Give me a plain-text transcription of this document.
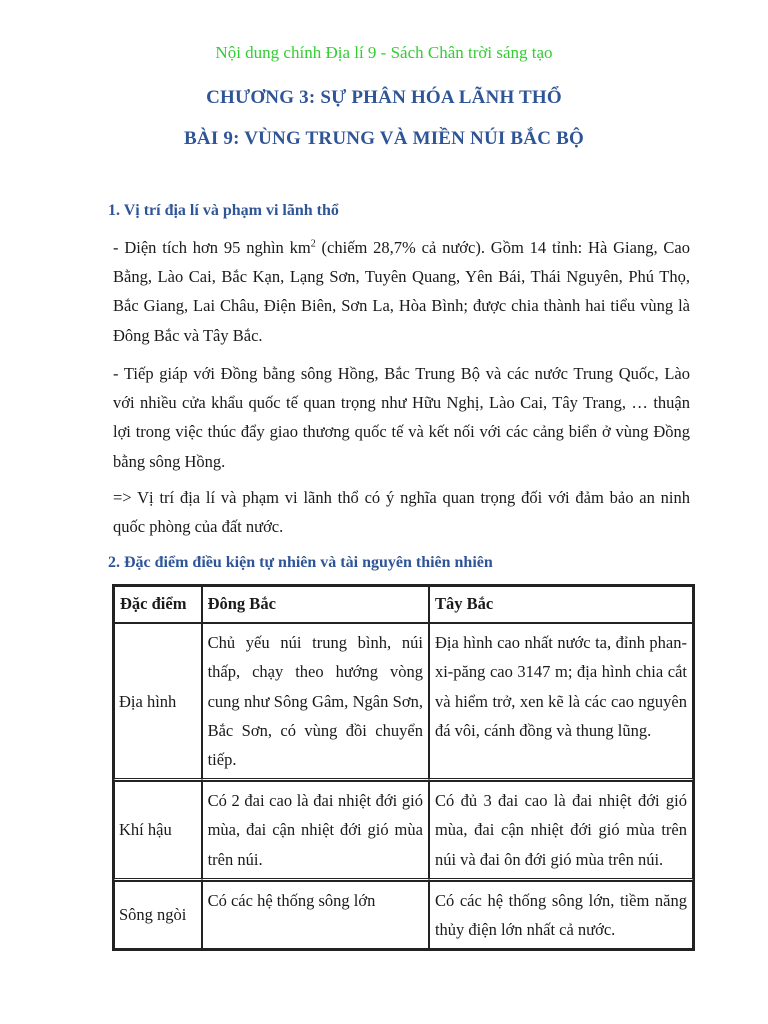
Nội dung chính Địa lí 9 - Sách Chân trời sáng tạo
CHƯƠNG 3: SỰ PHÂN HÓA LÃNH THỔ
BÀI 9: VÙNG TRUNG VÀ MIỀN NÚI BẮC BỘ
1. Vị trí địa lí và phạm vi lãnh thổ
- Diện tích hơn 95 nghìn $km^2$ (chiếm 28,7% cả nước). Gồm 14 tỉnh: Hà Giang, Cao Bằng, Lào Cai, Bắc Kạn, Lạng Sơn, Tuyên Quang, Yên Bái, Thái Nguyên, Phú Thọ, Bắc Giang, Lai Châu, Điện Biên, Sơn La, Hòa Bình; được chia thành hai tiểu vùng là Đông Bắc và Tây Bắc.
- Tiếp giáp với Đồng bằng sông Hồng, Bắc Trung Bộ và các nước Trung Quốc, Lào với nhiều cửa khẩu quốc tế quan trọng như Hữu Nghị, Lào Cai, Tây Trang, … thuận lợi trong việc thúc đẩy giao thương quốc tế và kết nối với các cảng biển ở vùng Đồng bằng sông Hồng.
=> Vị trí địa lí và phạm vi lãnh thổ có ý nghĩa quan trọng đối với đảm bảo an ninh quốc phòng của đất nước.
2. Đặc điểm điều kiện tự nhiên và tài nguyên thiên nhiên
Đặc điểm	Đông Bắc	Tây Bắc
Địa hình	Chủ yếu núi trung bình, núi thấp, chạy theo hướng vòng cung như Sông Gâm, Ngân Sơn, Bắc Sơn, có vùng đồi chuyển tiếp.	Địa hình cao nhất nước ta, đỉnh phan-xi-păng cao 3147 m; địa hình chia cắt và hiểm trở, xen kẽ là các cao nguyên đá vôi, cánh đồng và thung lũng.
Khí hậu	Có 2 đai cao là đai nhiệt đới gió mùa, đai cận nhiệt đới gió mùa trên núi.	Có đủ 3 đai cao là đai nhiệt đới gió mùa, đai cận nhiệt đới gió mùa trên núi và đai ôn đới gió mùa trên núi.
Sông ngòi	Có các hệ thống sông lớn	Có các hệ thống sông lớn, tiềm năng thủy điện lớn nhất cả nước.
